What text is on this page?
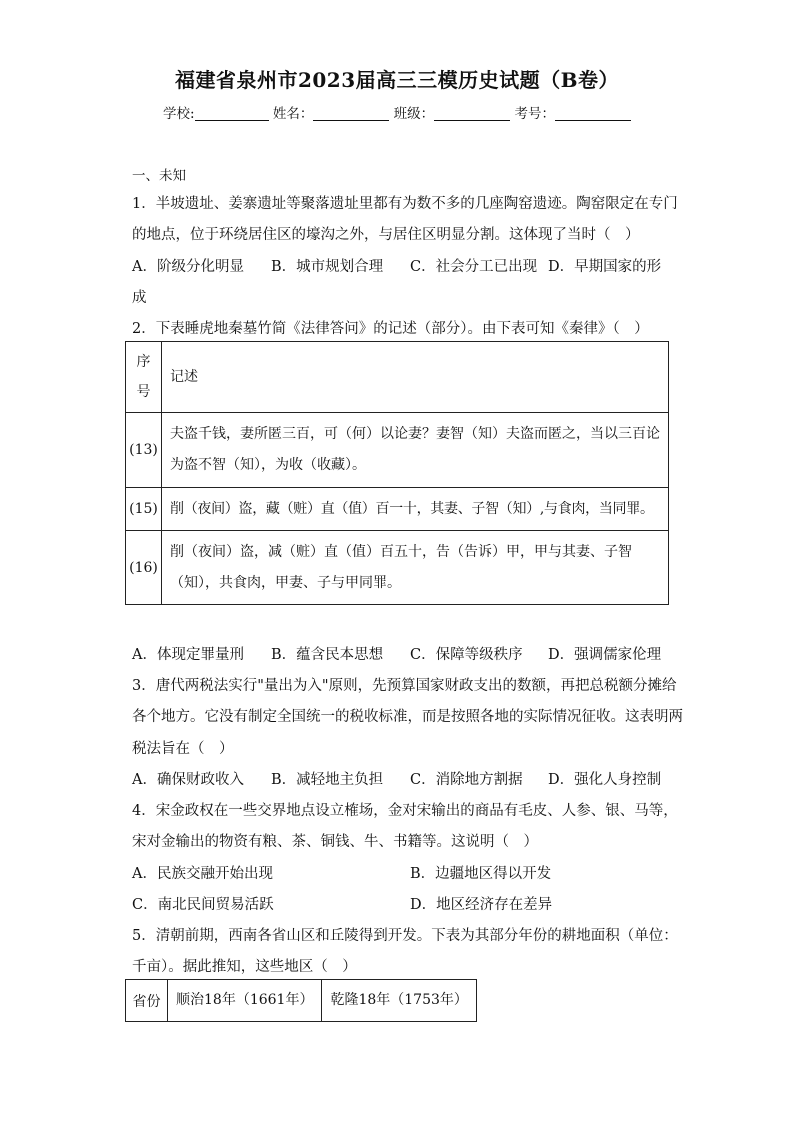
福建省泉州市2023届高三三模历史试题（B卷）
学校:	姓名：	班级：	考号：
一、未知
1．半坡遗址、姜寨遗址等聚落遗址里都有为数不多的几座陶窑遗迹。陶窑限定在专门
的地点，位于环绕居住区的壕沟之外，与居住区明显分割。这体现了当时（　）
A．阶级分化明显 B．城市规划合理 C．社会分工已出现 D．早期国家的形
成
2．下表睡虎地秦墓竹简《法律答问》的记述（部分）。由下表可知《秦律》（　）
序
号	记述

(13)	夫盗千钱，妻所匿三百，可（何）以论妻？妻智（知）夫盗而匿之，当以三百论
为盗不智（知），为收（收藏）。

(15)	削（夜间）盗，藏（赃）直（值）百一十，其妻、子智（知）,与食肉，当同罪。

(16)	削（夜间）盗，减（赃）直（值）百五十，告（告诉）甲，甲与其妻、子智
（知），共食肉，甲妻、子与甲同罪。
A．体现定罪量刑 B．蕴含民本思想 C．保障等级秩序 D．强调儒家伦理
3．唐代两税法实行"量出为入"原则，先预算国家财政支出的数额，再把总税额分摊给
各个地方。它没有制定全国统一的税收标准，而是按照各地的实际情况征收。这表明两
税法旨在（　）
A．确保财政收入 B．减轻地主负担 C．消除地方割据 D．强化人身控制
4．宋金政权在一些交界地点设立榷场，金对宋输出的商品有毛皮、人参、银、马等，
宋对金输出的物资有粮、茶、铜钱、牛、书籍等。这说明（　）
A．民族交融开始出现	B．边疆地区得以开发
C．南北民间贸易活跃	D．地区经济存在差异
5．清朝前期，西南各省山区和丘陵得到开发。下表为其部分年份的耕地面积（单位：
千亩）。据此推知，这些地区（　）
省份	顺治18年（1661年）	乾隆18年（1753年）
